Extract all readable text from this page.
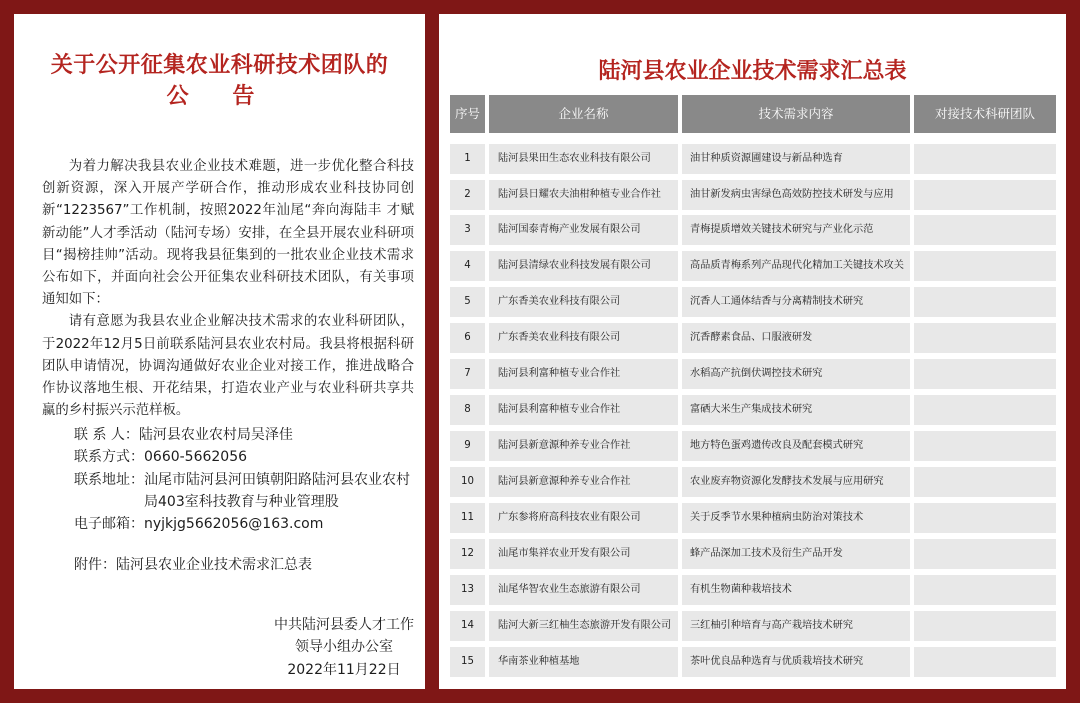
关于公开征集农业科研技术团队的
公 告

为着力解决我县农业企业技术难题，进一步优化整合科技创新资源，深入开展产学研合作，推动形成农业科技协同创新“1223567”工作机制，按照2022年汕尾“奔向海陆丰 才赋新动能”人才季活动（陆河专场）安排，在全县开展农业科研项目“揭榜挂帅”活动。现将我县征集到的一批农业企业技术需求公布如下，并面向社会公开征集农业科研技术团队，有关事项通知如下：

请有意愿为我县农业企业解决技术需求的农业科研团队，于2022年12月5日前联系陆河县农业农村局。我县将根据科研团队申请情况，协调沟通做好农业企业对接工作，推进战略合作协议落地生根、开花结果，打造农业产业与农业科研共享共赢的乡村振兴示范样板。

联 系 人： 陆河县农业农村局吴泽佳
联系方式： 0660-5662056
联系地址： 汕尾市陆河县河田镇朝阳路陆河县农业农村局403室科技教育与种业管理股
电子邮箱： nyjkjg5662056@163.com
附件：陆河县农业企业技术需求汇总表
中共陆河县委人才工作
领导小组办公室
2022年11月22日
陆河县农业企业技术需求汇总表
序号	企业名称	技术需求内容	对接技术科研团队
1	陆河县果田生态农业科技有限公司	油甘种质资源圃建设与新品种选育
2	陆河县日耀农夫油柑种植专业合作社	油甘新发病虫害绿色高效防控技术研发与应用
3	陆河国泰青梅产业发展有限公司	青梅提质增效关键技术研究与产业化示范
4	陆河县清绿农业科技发展有限公司	高品质青梅系列产品现代化精加工关键技术攻关
5	广东香美农业科技有限公司	沉香人工通体结香与分离精制技术研究
6	广东香美农业科技有限公司	沉香酵素食品、口服液研发
7	陆河县利富种植专业合作社	水稻高产抗倒伏调控技术研究
8	陆河县利富种植专业合作社	富硒大米生产集成技术研究
9	陆河县新意源种养专业合作社	地方特色蛋鸡遗传改良及配套模式研究
10	陆河县新意源种养专业合作社	农业废弃物资源化发酵技术发展与应用研究
11	广东参将府高科技农业有限公司	关于反季节水果种植病虫防治对策技术
12	汕尾市集祥农业开发有限公司	蜂产品深加工技术及衍生产品开发
13	汕尾华智农业生态旅游有限公司	有机生物菌种栽培技术
14	陆河大新三红柚生态旅游开发有限公司	三红柚引种培育与高产栽培技术研究
15	华南茶业种植基地	茶叶优良品种选育与优质栽培技术研究
